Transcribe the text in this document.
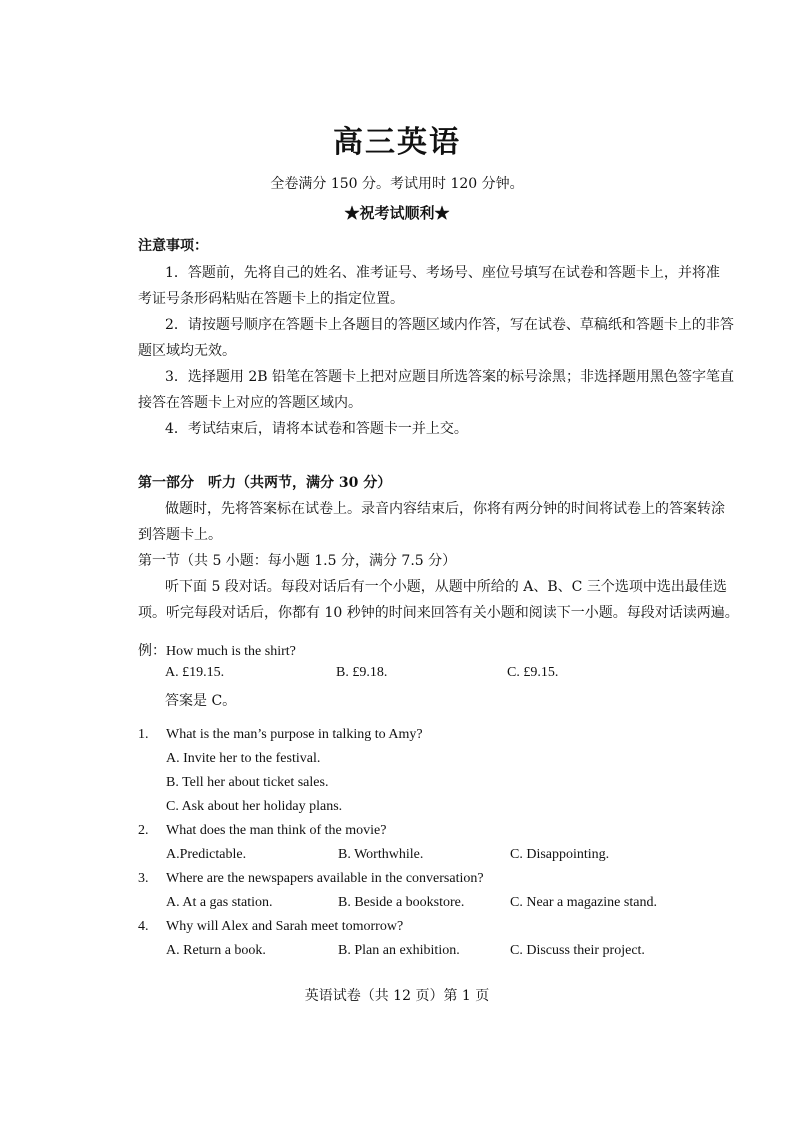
高三英语
全卷满分 150 分。考试用时 120 分钟。
★祝考试顺利★
注意事项：
1．答题前，先将自己的姓名、准考证号、考场号、座位号填写在试卷和答题卡上，并将准
考证号条形码粘贴在答题卡上的指定位置。
2．请按题号顺序在答题卡上各题目的答题区域内作答，写在试卷、草稿纸和答题卡上的非答
题区域均无效。
3．选择题用 2B 铅笔在答题卡上把对应题目所选答案的标号涂黑；非选择题用黑色签字笔直
接答在答题卡上对应的答题区域内。
4．考试结束后，请将本试卷和答题卡一并上交。
第一部分　听力（共两节，满分 30 分）
做题时，先将答案标在试卷上。录音内容结束后，你将有两分钟的时间将试卷上的答案转涂
到答题卡上。
第一节（共 5 小题：每小题 1.5 分，满分 7.5 分）
听下面 5 段对话。每段对话后有一个小题，从题中所给的 A、B、C 三个选项中选出最佳选
项。听完每段对话后，你都有 10 秒钟的时间来回答有关小题和阅读下一小题。每段对话读两遍。
例：How much is the shirt?
A. £19.15.	B. £9.18.	C. £9.15.
答案是 C。
1. What is the man’s purpose in talking to Amy?
A. Invite her to the festival.
B. Tell her about ticket sales.
C. Ask about her holiday plans.
2. What does the man think of the movie?
A.Predictable.	B. Worthwhile.	C. Disappointing.
3. Where are the newspapers available in the conversation?
A. At a gas station.	B. Beside a bookstore.	C. Near a magazine stand.
4. Why will Alex and Sarah meet tomorrow?
A. Return a book.	B. Plan an exhibition.	C. Discuss their project.
英语试卷（共 12 页）第 1 页
